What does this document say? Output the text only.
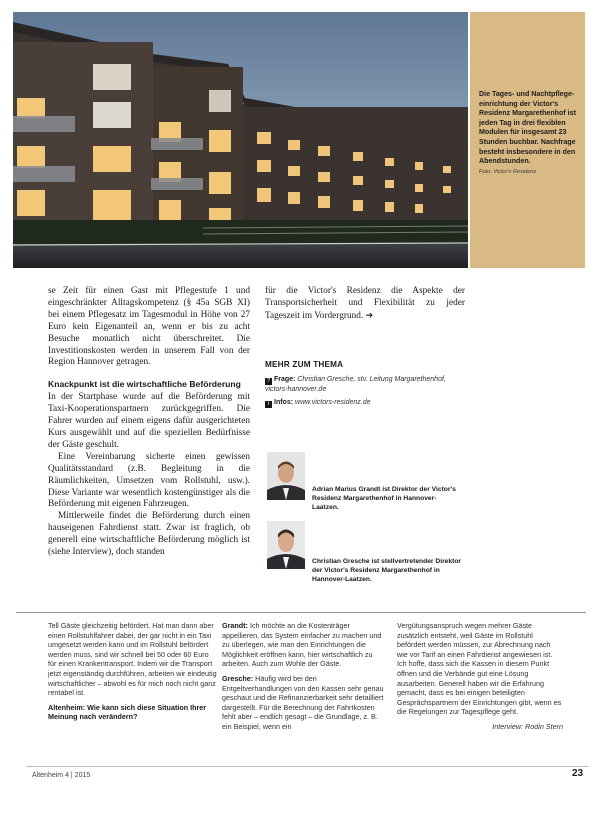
Die Tages- und Nachtpflege-einrichtung der Victor's Residenz Margarethenhof ist jeden Tag in drei flexiblen Modulen für insgesamt 23 Stunden buchbar. Nachfrage besteht insbesondere in den Abendstunden.
Foto: Victor's Residenz

se Zeit für einen Gast mit Pflegestufe 1 und eingeschränkter Alltagskompetenz (§ 45a SGB XI) bei einem Pflegesatz im Tagesmodul in Höhe von 27 Euro kein Eigenanteil an, wenn er bis zu acht Besuche monatlich nicht überschreitet. Die Investitionskosten werden in unserem Fall von der Region Hannover getragen.

Knackpunkt ist die wirtschaftliche Beförderung

In der Startphase wurde auf die Beförderung mit Taxi-Kooperationspartnern zurückgegriffen. Die Fahrer wurden auf einem eigens dafür ausgerichteten Kurs ausgewählt und auf die speziellen Bedürfnisse der Gäste geschult.

Eine Vereinbarung sicherte einen gewissen Qualitätsstandard (z.B. Begleitung in die Räumlichkeiten, Umsetzen vom Rollstuhl, usw.). Diese Variante war wesentlich kostengünstiger als die Beförderung mit eigenen Fahrzeugen.

Mittlerweile findet die Beförderung durch einen hauseigenen Fahrdienst statt. Zwar ist fraglich, ob generell eine wirtschaftliche Beförderung möglich ist (siehe Interview), doch standen

für die Victor's Residenz die Aspekte der Transportsicherheit und Flexibilität zu jeder Tageszeit im Vordergrund. ➔

MEHR ZUM THEMA
? Frage: Christian Gresche, stv. Leitung Margarethenhof, victors-hannover.de
i Infos: www.victors-residenz.de
Adrian Marius Grandt ist Direktor der Victor's Residenz Margarethenhof in Hannover-Laatzen.
Christian Gresche ist stellvertretender Direktor der Victor's Residenz Margarethenhof in Hannover-Laatzen.

Tell Gäste gleichzeitig befördert. Hat man dann aber einen Rollstuhlfahrer dabei, der gar nicht in ein Taxi umgesetzt werden kann und im Rollstuhl befördert werden muss, sind wir schnell bei 50 oder 60 Euro für einen Krankentransport. Indem wir die Transport jetzt eigenständig durchführen, arbeiten wir eindeutig wirtschaftlicher – abwohl es für mich noch nicht ganz rentabel ist.

Altenheim: Wie kann sich diese Situation Ihrer Meinung nach verändern?

Grandt: Ich möchte an die Kostenträger appellieren, das System einfacher zu machen und zu überlegen, wie man den Einrichtungen die Möglichkeit eröffnen kann, hier wirtschaftlich zu arbeiten. Auch zum Wohle der Gäste.

Gresche: Häufig wird bei den Entgeltverhandlungen von den Kassen sehr genau geschaut und die Refinanzierbarkeit sehr detailliert dargestellt. Für die Berechnung der Fahrtkosten fehlt aber – endlich gesagt – die Grundlage, z. B. ein Beispiel, wenn ein

Vergütungsanspruch wegen mehrer Gäste zusätzlich entsteht, weil Gäste im Rollstuhl befördert werden müssen, zur Abrechnung nach wie vor Tarif an einen Fahrdienst angewiesen ist. Ich hoffe, dass sich die Kassen in diesem Punkt öffnen und die Verbände gut eine Lösung ausarbeiten. Generell haben wir die Erfahrung gemacht, dass es bei einigen beteiligten Gesprächspartnern der Einrichtungen gibt, wenn es die Regelungen zur Tagespflege geht.

Interview: Rodin Stern
Altenheim 4 | 2015	23
